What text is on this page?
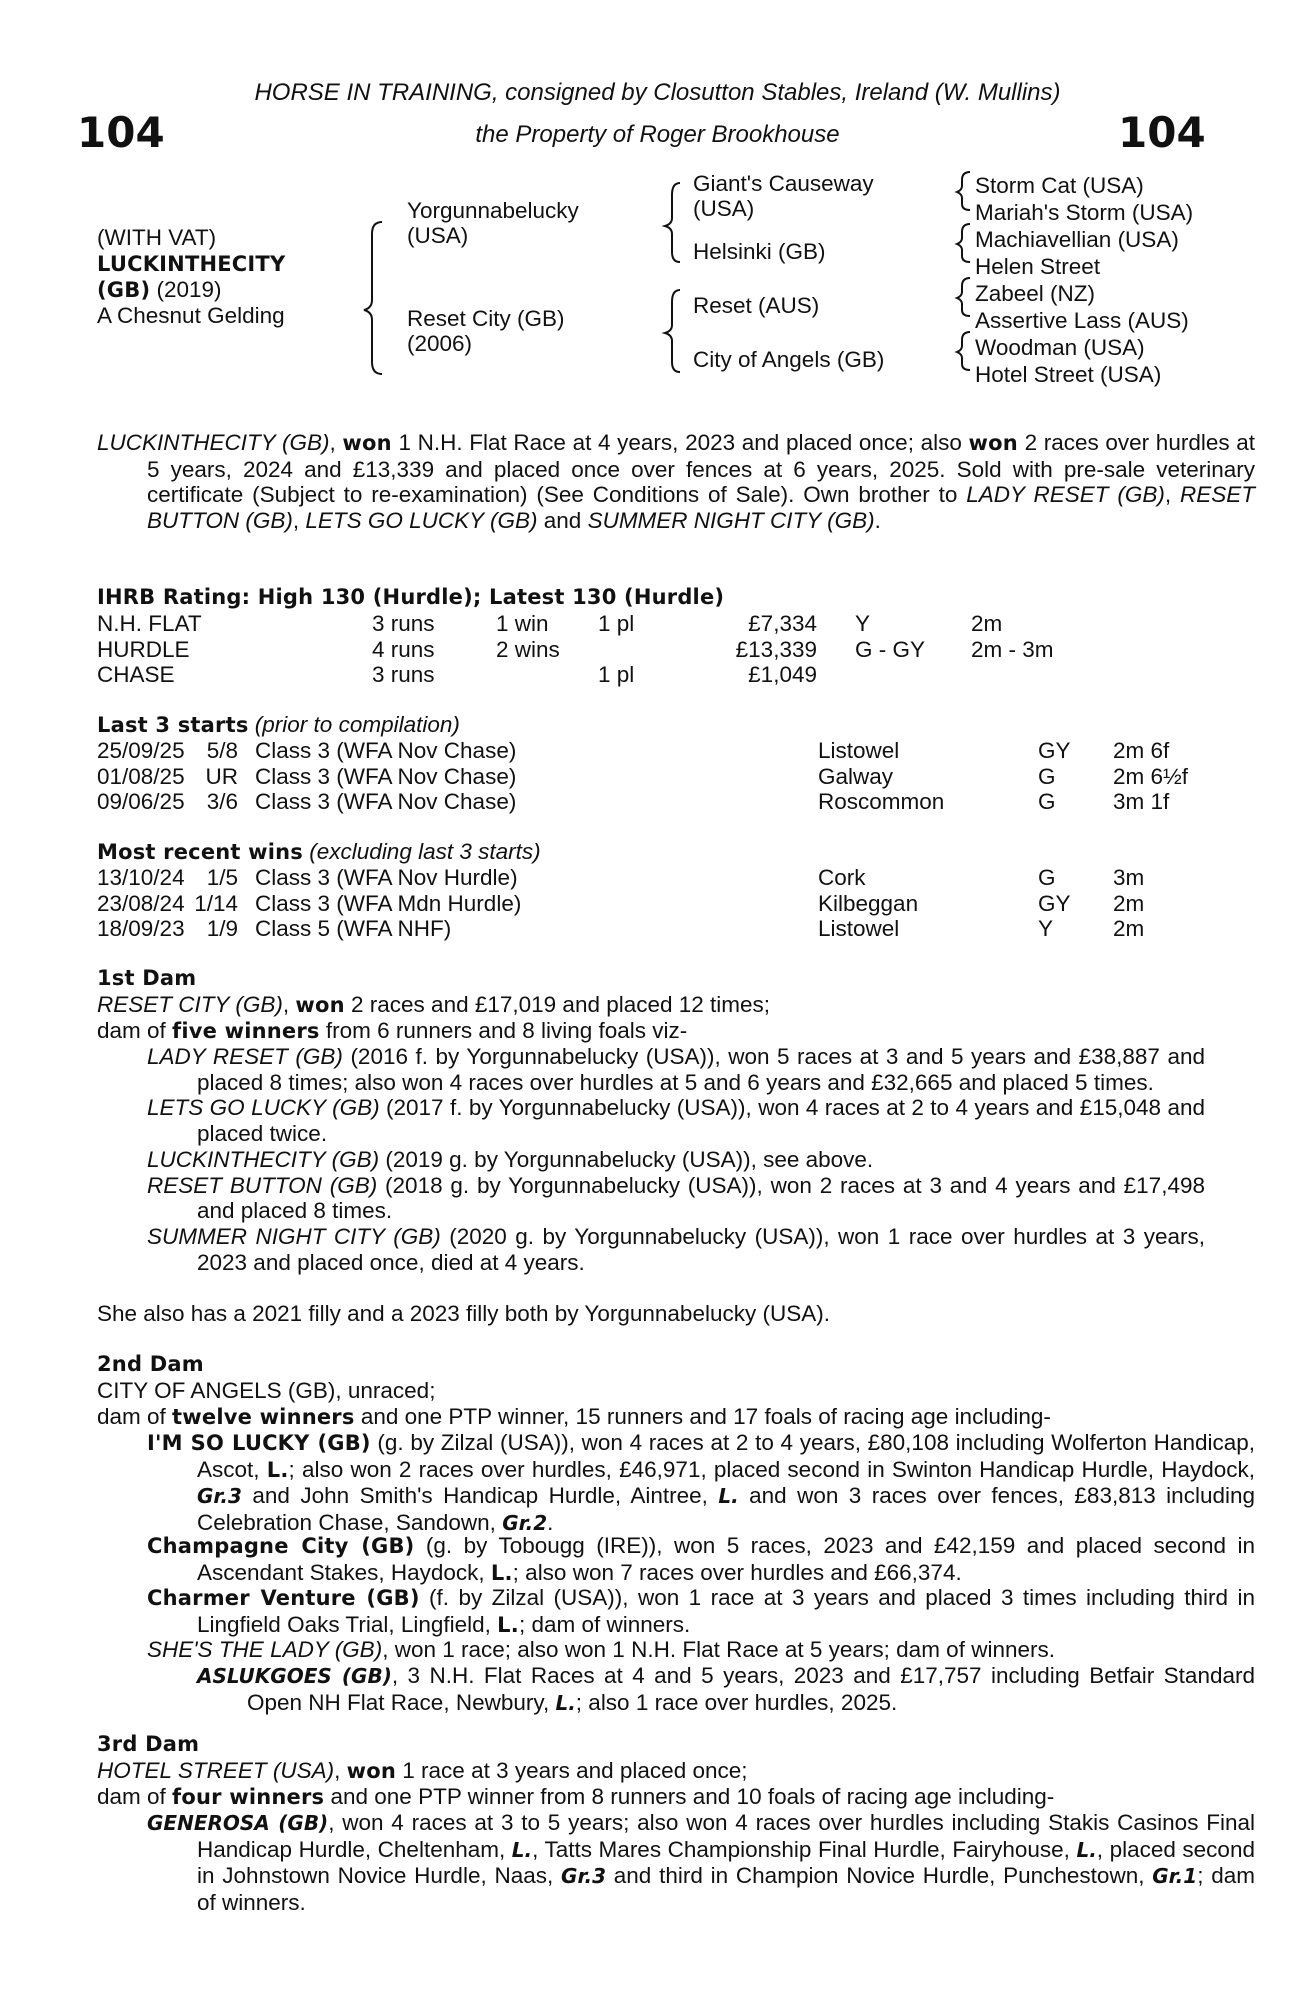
HORSE IN TRAINING, consigned by Closutton Stables, Ireland (W. Mullins)
104	the Property of Roger Brookhouse	104
(WITH VAT)
LUCKINTHECITY
(GB) (2019)
A Chesnut Gelding
Yorgunnabelucky
(USA)
Reset City (GB)
(2006)
Giant's Causeway
(USA)
Helsinki (GB)
Reset (AUS)
City of Angels (GB)
Storm Cat (USA)
Mariah's Storm (USA)
Machiavellian (USA)
Helen Street
Zabeel (NZ)
Assertive Lass (AUS)
Woodman (USA)
Hotel Street (USA)
LUCKINTHECITY (GB), won 1 N.H. Flat Race at 4 years, 2023 and placed once; also won 2 races over hurdles at 5 years, 2024 and £13,339 and placed once over fences at 6 years, 2025. Sold with pre-sale veterinary certificate (Subject to re-examination) (See Conditions of Sale). Own brother to LADY RESET (GB), RESET BUTTON (GB), LETS GO LUCKY (GB) and SUMMER NIGHT CITY (GB).
IHRB Rating: High 130 (Hurdle); Latest 130 (Hurdle)
N.H. FLAT	3 runs	1 win 1 pl	£7,334 Y	2m
HURDLE	4 runs	2 wins	£13,339 G - GY 2m - 3m
CHASE	3 runs	1 pl	£1,049
Last 3 starts (prior to compilation)
25/09/25 5/8 Class 3 (WFA Nov Chase)	Listowel	GY 2m 6f
01/08/25 UR Class 3 (WFA Nov Chase)	Galway	G	2m 6½f
09/06/25 3/6 Class 3 (WFA Nov Chase)	Roscommon	G	3m 1f
Most recent wins (excluding last 3 starts)
13/10/24 1/5 Class 3 (WFA Nov Hurdle)	Cork	G	3m
23/08/24 1/14 Class 3 (WFA Mdn Hurdle)	Kilbeggan	GY 2m
18/09/23 1/9 Class 5 (WFA NHF)	Listowel	Y	2m
1st Dam
RESET CITY (GB), won 2 races and £17,019 and placed 12 times;
dam of five winners from 6 runners and 8 living foals viz-
LADY RESET (GB) (2016 f. by Yorgunnabelucky (USA)), won 5 races at 3 and 5 years and £38,887 and placed 8 times; also won 4 races over hurdles at 5 and 6 years and £32,665 and placed 5 times.
LETS GO LUCKY (GB) (2017 f. by Yorgunnabelucky (USA)), won 4 races at 2 to 4 years and £15,048 and placed twice.
LUCKINTHECITY (GB) (2019 g. by Yorgunnabelucky (USA)), see above.
RESET BUTTON (GB) (2018 g. by Yorgunnabelucky (USA)), won 2 races at 3 and 4 years and £17,498 and placed 8 times.
SUMMER NIGHT CITY (GB) (2020 g. by Yorgunnabelucky (USA)), won 1 race over hurdles at 3 years, 2023 and placed once, died at 4 years.
She also has a 2021 filly and a 2023 filly both by Yorgunnabelucky (USA).
2nd Dam
CITY OF ANGELS (GB), unraced;
dam of twelve winners and one PTP winner, 15 runners and 17 foals of racing age including-
I'M SO LUCKY (GB) (g. by Zilzal (USA)), won 4 races at 2 to 4 years, £80,108 including Wolferton Handicap, Ascot, L.; also won 2 races over hurdles, £46,971, placed second in Swinton Handicap Hurdle, Haydock, Gr.3 and John Smith's Handicap Hurdle, Aintree, L. and won 3 races over fences, £83,813 including Celebration Chase, Sandown, Gr.2.
Champagne City (GB) (g. by Tobougg (IRE)), won 5 races, 2023 and £42,159 and placed second in Ascendant Stakes, Haydock, L.; also won 7 races over hurdles and £66,374.
Charmer Venture (GB) (f. by Zilzal (USA)), won 1 race at 3 years and placed 3 times including third in Lingfield Oaks Trial, Lingfield, L.; dam of winners.
SHE'S THE LADY (GB), won 1 race; also won 1 N.H. Flat Race at 5 years; dam of winners.
ASLUKGOES (GB), 3 N.H. Flat Races at 4 and 5 years, 2023 and £17,757 including Betfair Standard Open NH Flat Race, Newbury, L.; also 1 race over hurdles, 2025.
3rd Dam
HOTEL STREET (USA), won 1 race at 3 years and placed once;
dam of four winners and one PTP winner from 8 runners and 10 foals of racing age including-
GENEROSA (GB), won 4 races at 3 to 5 years; also won 4 races over hurdles including Stakis Casinos Final Handicap Hurdle, Cheltenham, L., Tatts Mares Championship Final Hurdle, Fairyhouse, L., placed second in Johnstown Novice Hurdle, Naas, Gr.3 and third in Champion Novice Hurdle, Punchestown, Gr.1; dam of winners.
